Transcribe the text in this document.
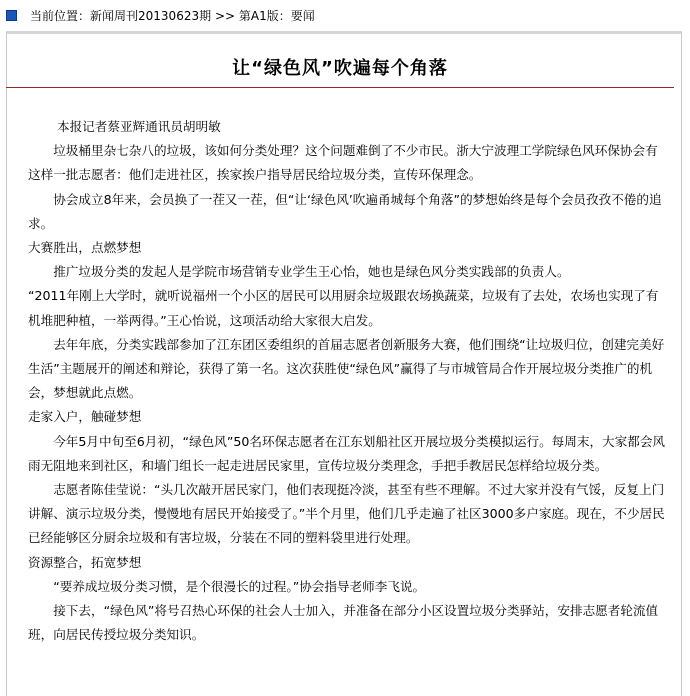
当前位置：新闻周刊20130623期 >> 第A1版：要闻
让“绿色风”吹遍每个角落

本报记者蔡亚辉通讯员胡明敏

垃圾桶里杂七杂八的垃圾，该如何分类处理？这个问题难倒了不少市民。浙大宁波理工学院绿色风环保协会有这样一批志愿者：他们走进社区，挨家挨户指导居民给垃圾分类，宣传环保理念。

协会成立8年来，会员换了一茬又一茬，但“让‘绿色风’吹遍甬城每个角落”的梦想始终是每个会员孜孜不倦的追求。

大赛胜出，点燃梦想

推广垃圾分类的发起人是学院市场营销专业学生王心怡，她也是绿色风分类实践部的负责人。

“2011年刚上大学时，就听说福州一个小区的居民可以用厨余垃圾跟农场换蔬菜，垃圾有了去处，农场也实现了有机堆肥种植，一举两得。”王心怡说，这项活动给大家很大启发。

去年年底，分类实践部参加了江东团区委组织的首届志愿者创新服务大赛，他们围绕“让垃圾归位，创建完美好生活”主题展开的阐述和辩论，获得了第一名。这次获胜使“绿色风”赢得了与市城管局合作开展垃圾分类推广的机会，梦想就此点燃。

走家入户，触碰梦想

今年5月中旬至6月初，“绿色风”50名环保志愿者在江东划船社区开展垃圾分类模拟运行。每周末，大家都会风雨无阻地来到社区，和墙门组长一起走进居民家里，宣传垃圾分类理念，手把手教居民怎样给垃圾分类。

志愿者陈佳莹说：“头几次敲开居民家门，他们表现挺冷淡，甚至有些不理解。不过大家并没有气馁，反复上门讲解、演示垃圾分类，慢慢地有居民开始接受了。”半个月里，他们几乎走遍了社区3000多户家庭。现在，不少居民已经能够区分厨余垃圾和有害垃圾，分装在不同的塑料袋里进行处理。

资源整合，拓宽梦想

“要养成垃圾分类习惯，是个很漫长的过程。”协会指导老师李飞说。

接下去，“绿色风”将号召热心环保的社会人士加入，并准备在部分小区设置垃圾分类驿站，安排志愿者轮流值班，向居民传授垃圾分类知识。
